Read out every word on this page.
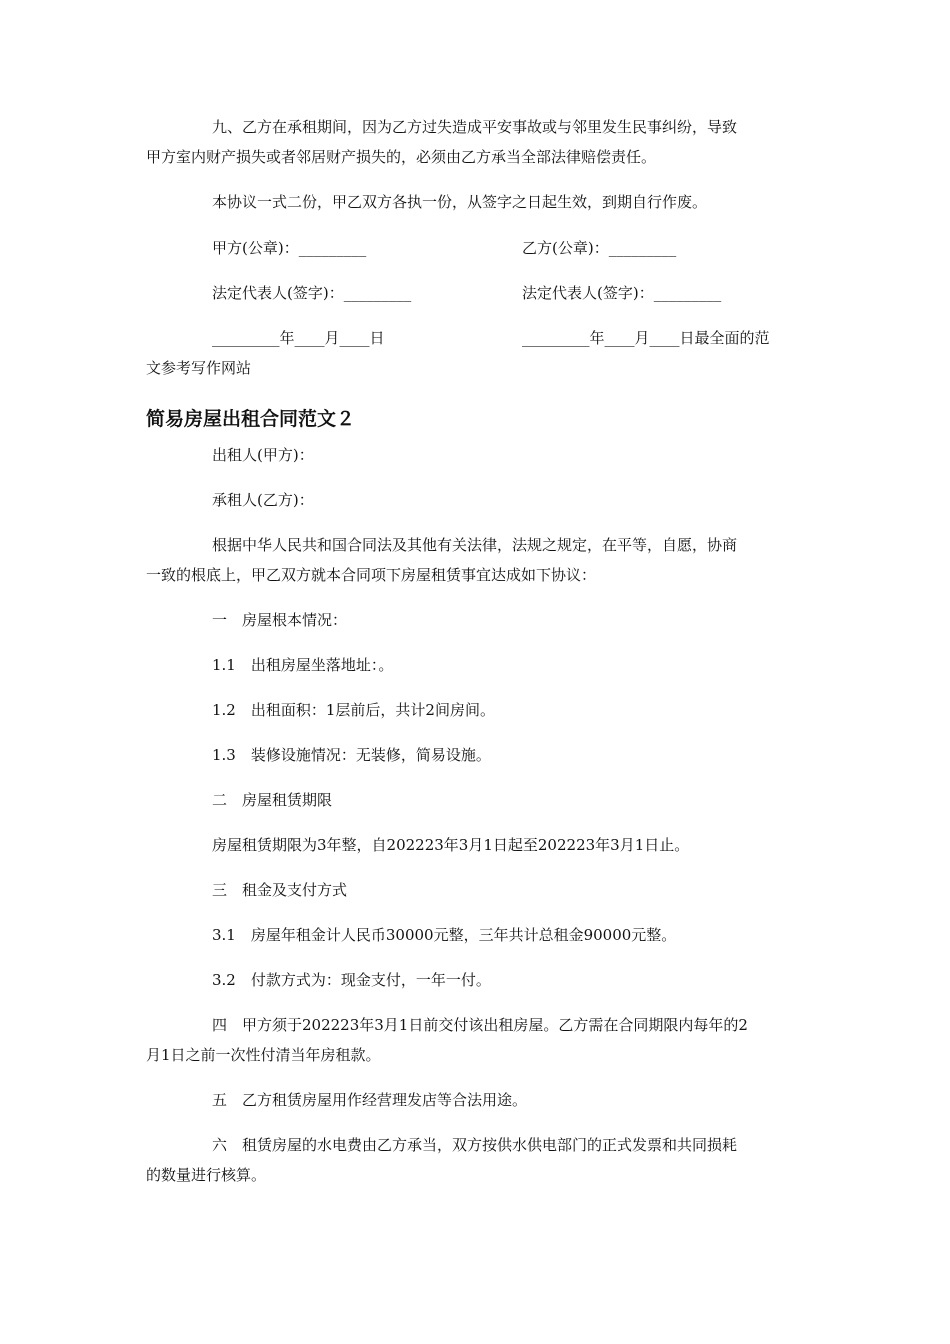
九、乙方在承租期间，因为乙方过失造成平安事故或与邻里发生民事纠纷，导致
甲方室内财产损失或者邻居财产损失的，必须由乙方承当全部法律赔偿责任。
本协议一式二份，甲乙双方各执一份，从签字之日起生效，到期自行作废。
甲方(公章)：_________	乙方(公章)：_________
法定代表人(签字)：_________	法定代表人(签字)：_________
_________年____月____日	_________年____月____日最全面的范
文参考写作网站
简易房屋出租合同范文２
出租人(甲方)：
承租人(乙方)：
根据中华人民共和国合同法及其他有关法律，法规之规定，在平等，自愿，协商
一致的根底上，甲乙双方就本合同项下房屋租赁事宜达成如下协议：
一　房屋根本情况：
1.1　出租房屋坐落地址：。
1.2　出租面积：1层前后，共计2间房间。
1.3　装修设施情况：无装修，简易设施。
二　房屋租赁期限
房屋租赁期限为3年整，自202223年3月1日起至202223年3月1日止。
三　租金及支付方式
3.1　房屋年租金计人民币30000元整，三年共计总租金90000元整。
3.2　付款方式为：现金支付，一年一付。
四　甲方须于202223年3月1日前交付该出租房屋。乙方需在合同期限内每年的2
月1日之前一次性付清当年房租款。
五　乙方租赁房屋用作经营理发店等合法用途。
六　租赁房屋的水电费由乙方承当，双方按供水供电部门的正式发票和共同损耗
的数量进行核算。
